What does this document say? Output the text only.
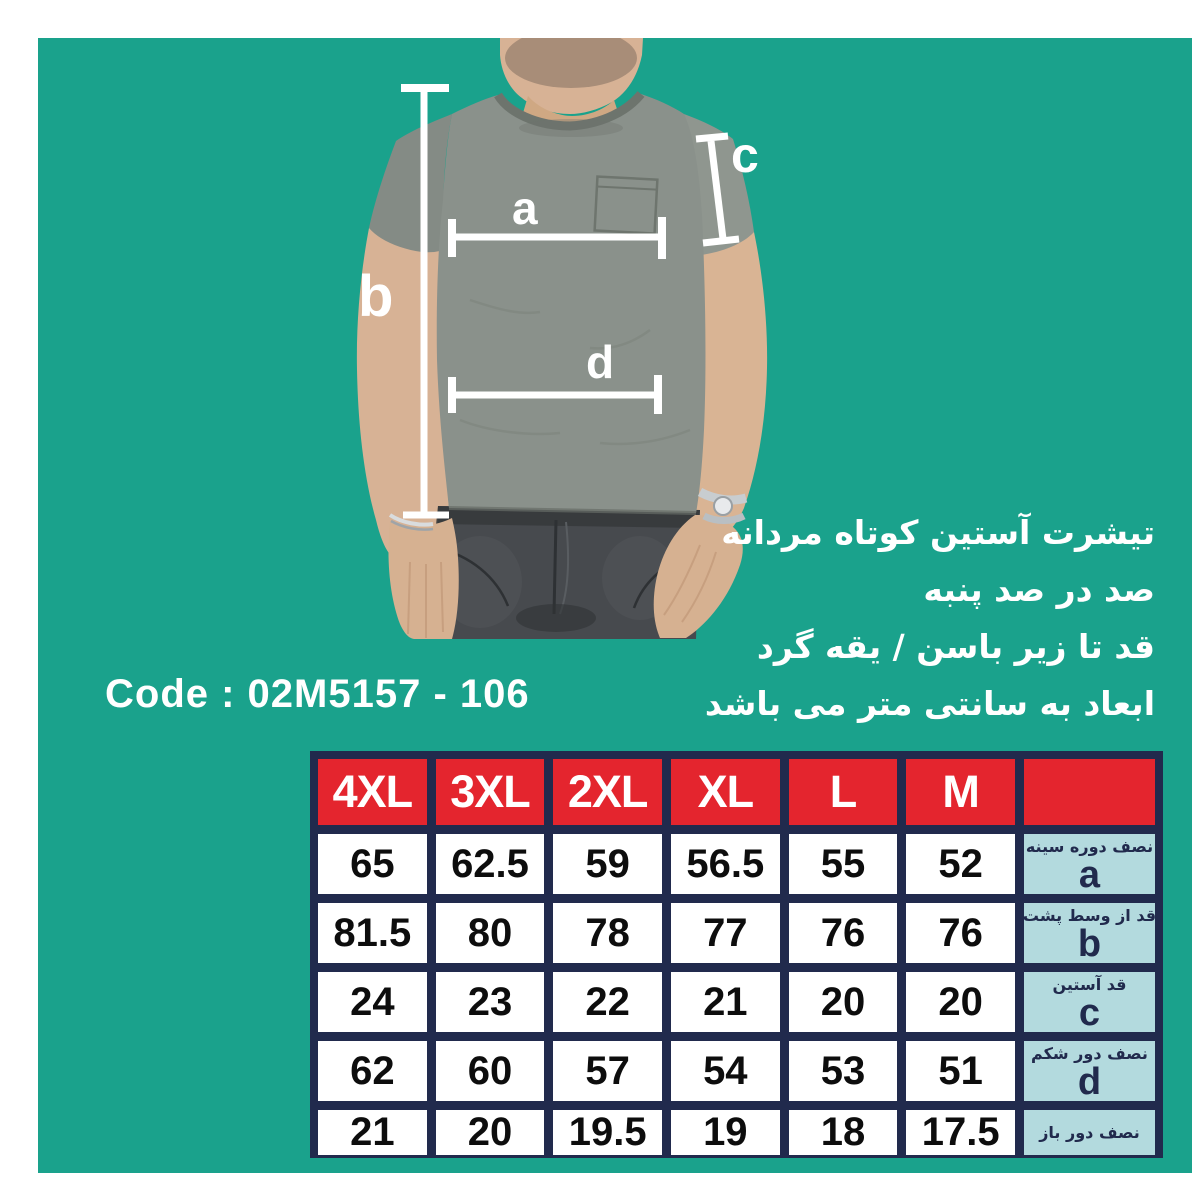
b
a
d
c
تیشرت آستین کوتاه مردانه
صد در صد پنبه
قد تا زیر باسن / یقه گرد
ابعاد به سانتی متر می باشد
Code : 02M5157 - 106
4XL 3XL 2XL	XL	L	M
65	62.5	59	56.5	55	52	نصف دوره سینه
a
81.5	80	78	77	76	76	قد از وسط پشت
b
24	23	22	21	20	20	قد آستین
c
62	60	57	54	53	51	نصف دور شکم
d
21	20	19.5	19	18	17.5	نصف دور باز
